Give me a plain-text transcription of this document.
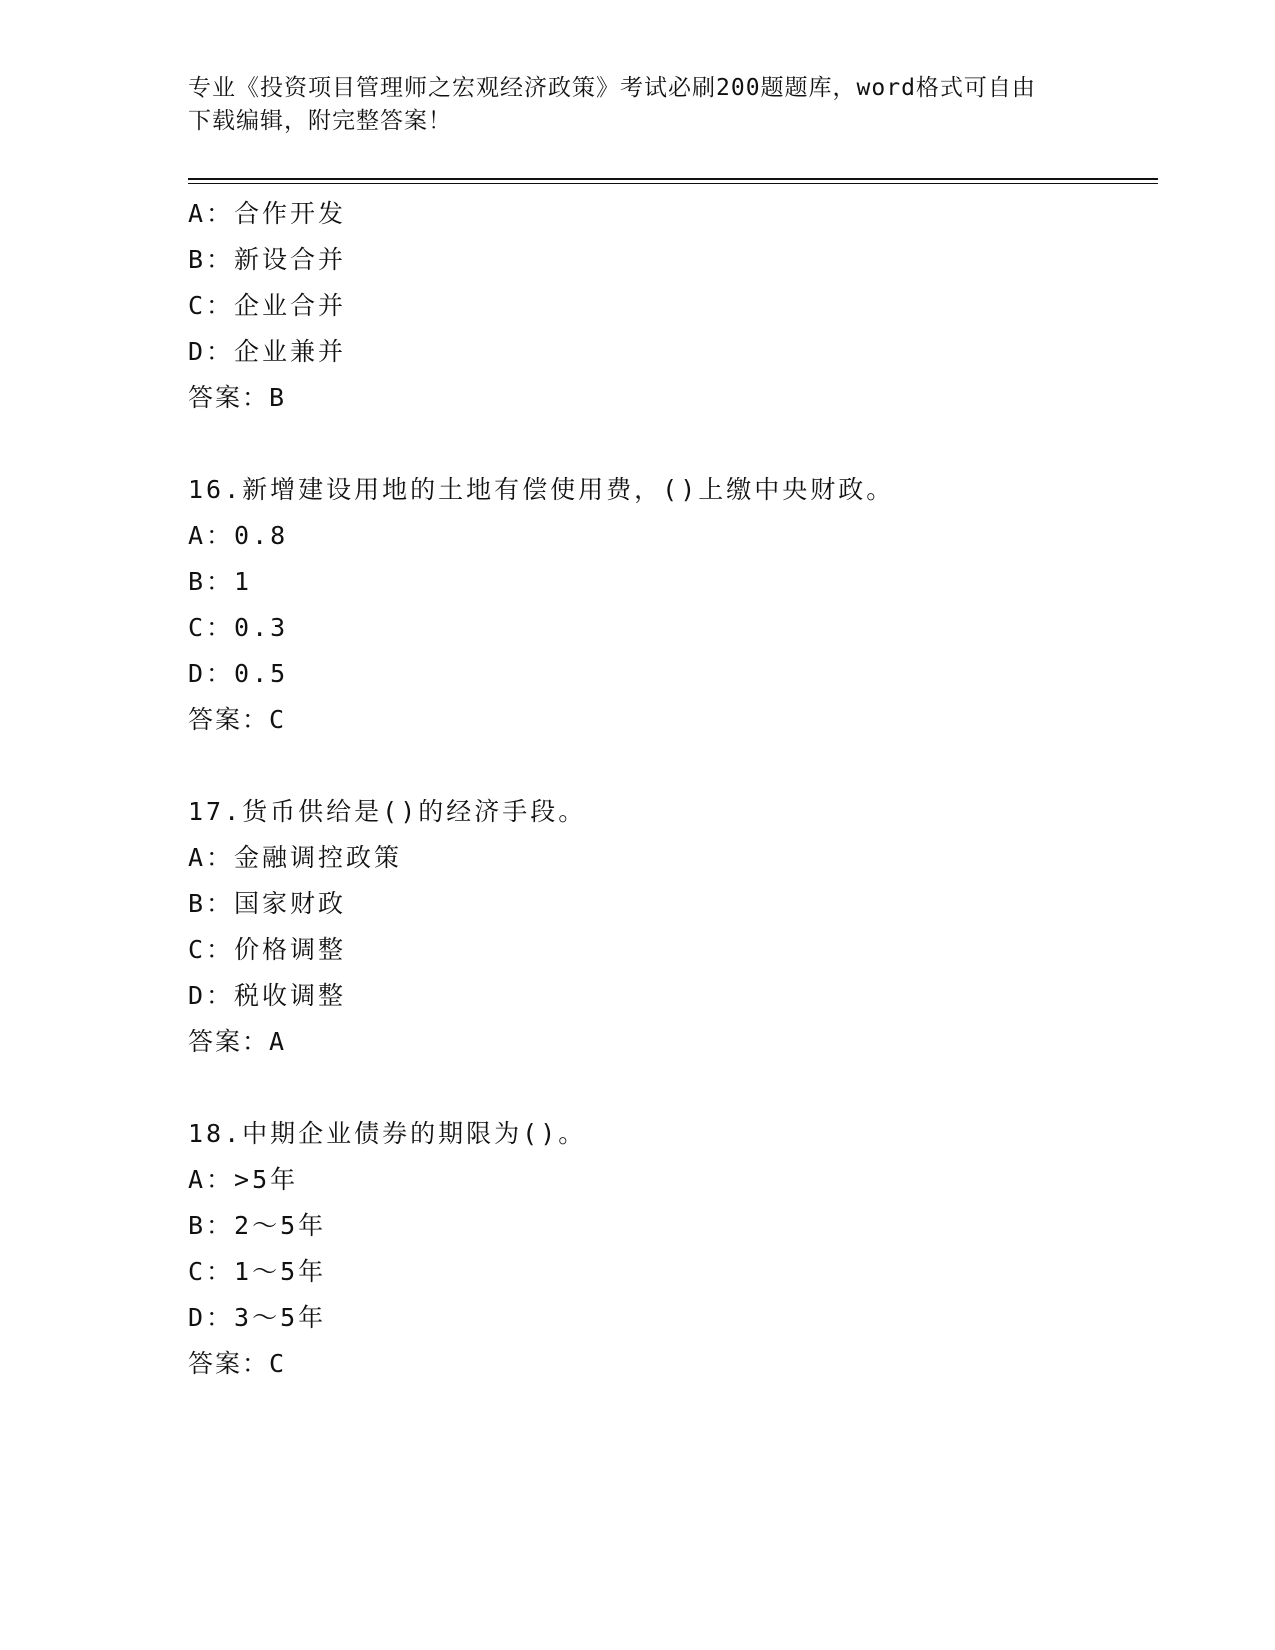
专业《投资项目管理师之宏观经济政策》考试必刷200题题库，word格式可自由
下载编辑，附完整答案！
A：合作开发
B：新设合并
C：企业合并
D：企业兼并
答案：B
16.新增建设用地的土地有偿使用费，()上缴中央财政。
A：0.8
B：1
C：0.3
D：0.5
答案：C
17.货币供给是()的经济手段。
A：金融调控政策
B：国家财政
C：价格调整
D：税收调整
答案：A
18.中期企业债券的期限为()。
A：>5年
B：2～5年
C：1～5年
D：3～5年
答案：C
